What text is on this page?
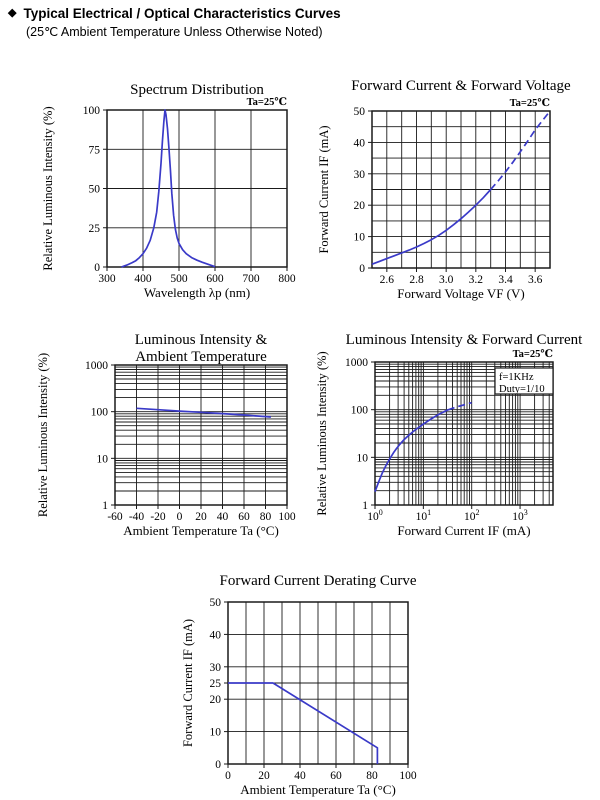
◆ Typical Electrical / Optical Characteristics Curves
(25℃ Ambient Temperature Unless Otherwise Noted)
300 400 500 600 700 800
0
25
50
75
100
Spectrum Distribution
Ta=25℃
Wavelength λp (nm)
Relative Luminous Intensity (%)
2.6 2.8 3.0 3.2 3.4 3.6
0
10
20
30
40
50
Forward Current & Forward Voltage
Ta=25℃
Forward Voltage VF (V)
Forward Current IF (mA)
-60 -40 -20 0 20 40 60 80 100
1
10
100
1000
Luminous Intensity &
Ambient Temperature
Ambient Temperature Ta (°C)
Relative Luminous Intensity (%)	$10^0$	$10^1$	$10^2$	$10^3$
1
10
100
1000
Luminous Intensity & Forward Current
Ta=25℃
f=1KHz
Duty=1/10
Forward Current IF (mA)
Relative Luminous Intensity (%)
0 20 40 60 80 100
0
10
20
25
30
40
50
Forward Current Derating Curve
Ambient Temperature Ta (°C)
Forward Current IF (mA)
